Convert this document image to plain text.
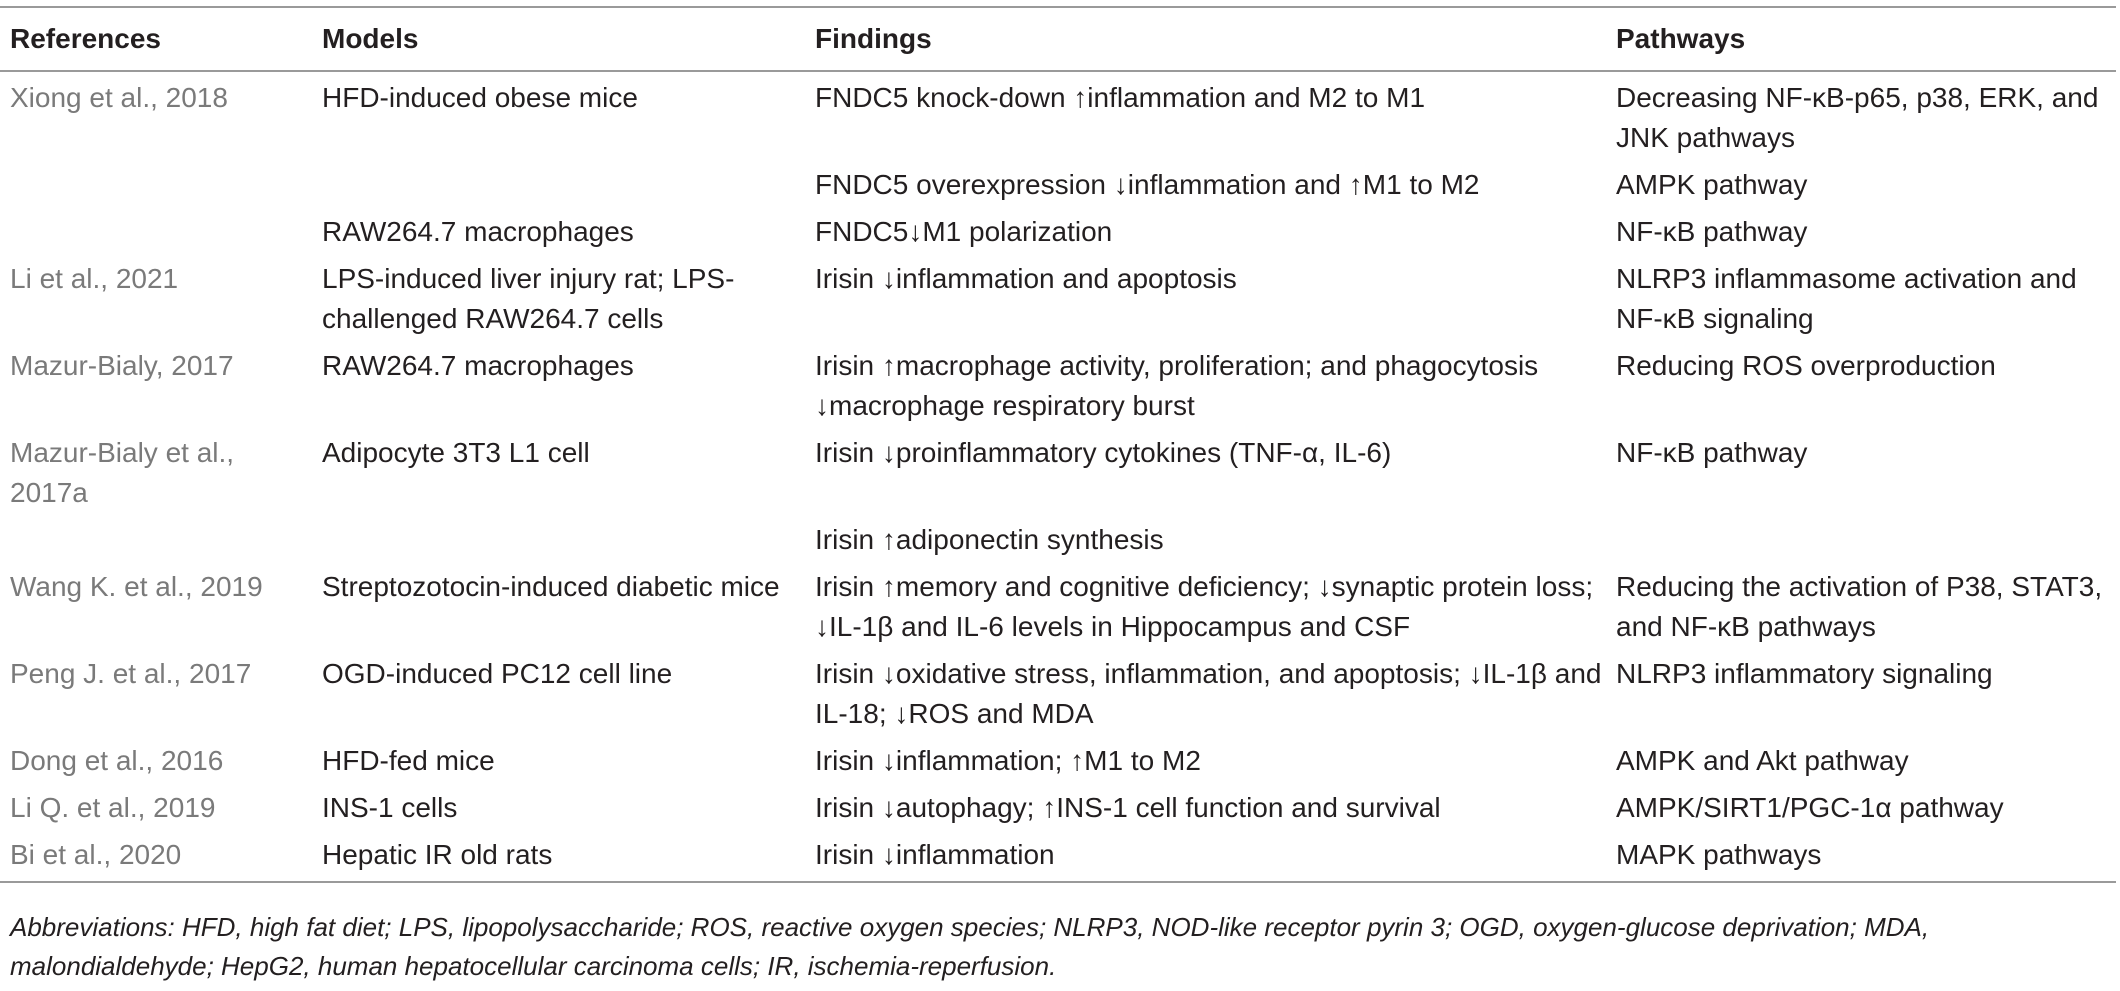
References	Models	Findings	Pathways
Xiong et al., 2018	HFD-induced obese mice	FNDC5 knock-down ↑inflammation and M2 to M1	Decreasing NF-κB-p65, p38, ERK, and JNK pathways
		FNDC5 overexpression ↓inflammation and ↑M1 to M2	AMPK pathway
	RAW264.7 macrophages	FNDC5↓M1 polarization	NF-κB pathway
Li et al., 2021	LPS-induced liver injury rat; LPS-challenged RAW264.7 cells	Irisin ↓inflammation and apoptosis	NLRP3 inflammasome activation and NF-κB signaling
Mazur-Bialy, 2017	RAW264.7 macrophages	Irisin ↑macrophage activity, proliferation; and phagocytosis ↓macrophage respiratory burst	Reducing ROS overproduction
Mazur-Bialy et al., 2017a	Adipocyte 3T3 L1 cell	Irisin ↓proinflammatory cytokines (TNF-α, IL-6)	NF-κB pathway
		Irisin ↑adiponectin synthesis	
Wang K. et al., 2019	Streptozotocin-induced diabetic mice	Irisin ↑memory and cognitive deficiency; ↓synaptic protein loss; ↓IL-1β and IL-6 levels in Hippocampus and CSF	Reducing the activation of P38, STAT3, and NF-κB pathways
Peng J. et al., 2017	OGD-induced PC12 cell line	Irisin ↓oxidative stress, inflammation, and apoptosis; ↓IL-1β and IL-18; ↓ROS and MDA	NLRP3 inflammatory signaling
Dong et al., 2016	HFD-fed mice	Irisin ↓inflammation; ↑M1 to M2	AMPK and Akt pathway
Li Q. et al., 2019	INS-1 cells	Irisin ↓autophagy; ↑INS-1 cell function and survival	AMPK/SIRT1/PGC-1α pathway
Bi et al., 2020	Hepatic IR old rats	Irisin ↓inflammation	MAPK pathways
Abbreviations: HFD, high fat diet; LPS, lipopolysaccharide; ROS, reactive oxygen species; NLRP3, NOD-like receptor pyrin 3; OGD, oxygen-glucose deprivation; MDA, malondialdehyde; HepG2, human hepatocellular carcinoma cells; IR, ischemia-reperfusion.
